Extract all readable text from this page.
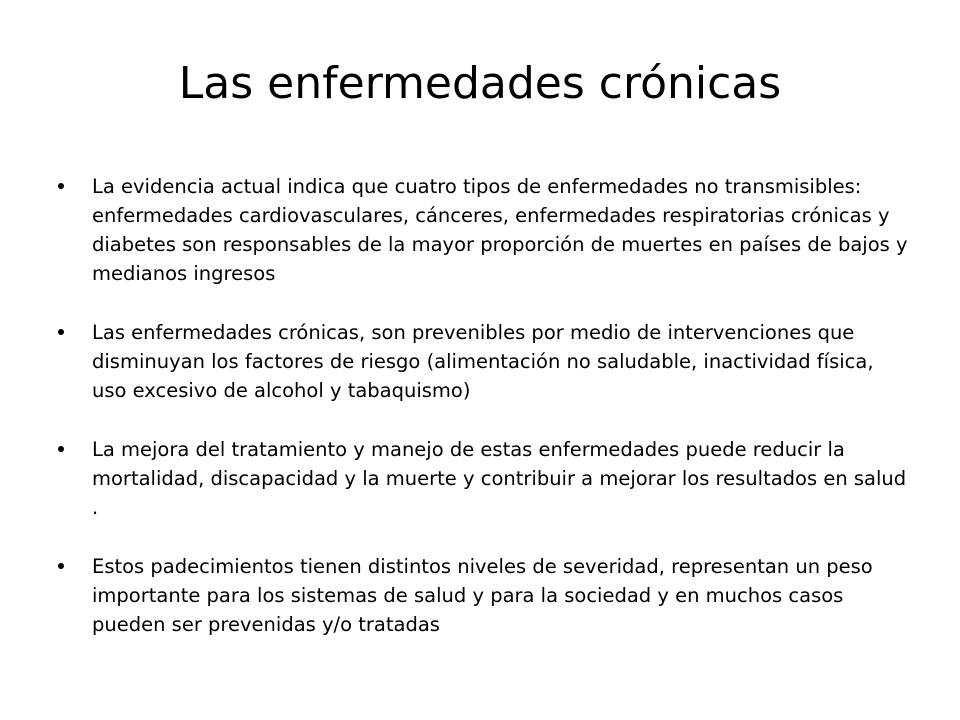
Las enfermedades crónicas
La evidencia actual indica que cuatro tipos de enfermedades no transmisibles: enfermedades cardiovasculares, cánceres, enfermedades respiratorias crónicas y diabetes son responsables de la mayor proporción de muertes en países de bajos y medianos ingresos
Las enfermedades crónicas, son prevenibles por medio de intervenciones que disminuyan los factores de riesgo (alimentación no saludable, inactividad física, uso excesivo de alcohol y tabaquismo)
La mejora del tratamiento y manejo de estas enfermedades puede reducir la mortalidad, discapacidad y la muerte y contribuir a mejorar los resultados en salud .
Estos padecimientos tienen distintos niveles de severidad, representan un peso importante para los sistemas de salud y para la sociedad y en muchos casos pueden ser prevenidas y/o tratadas
